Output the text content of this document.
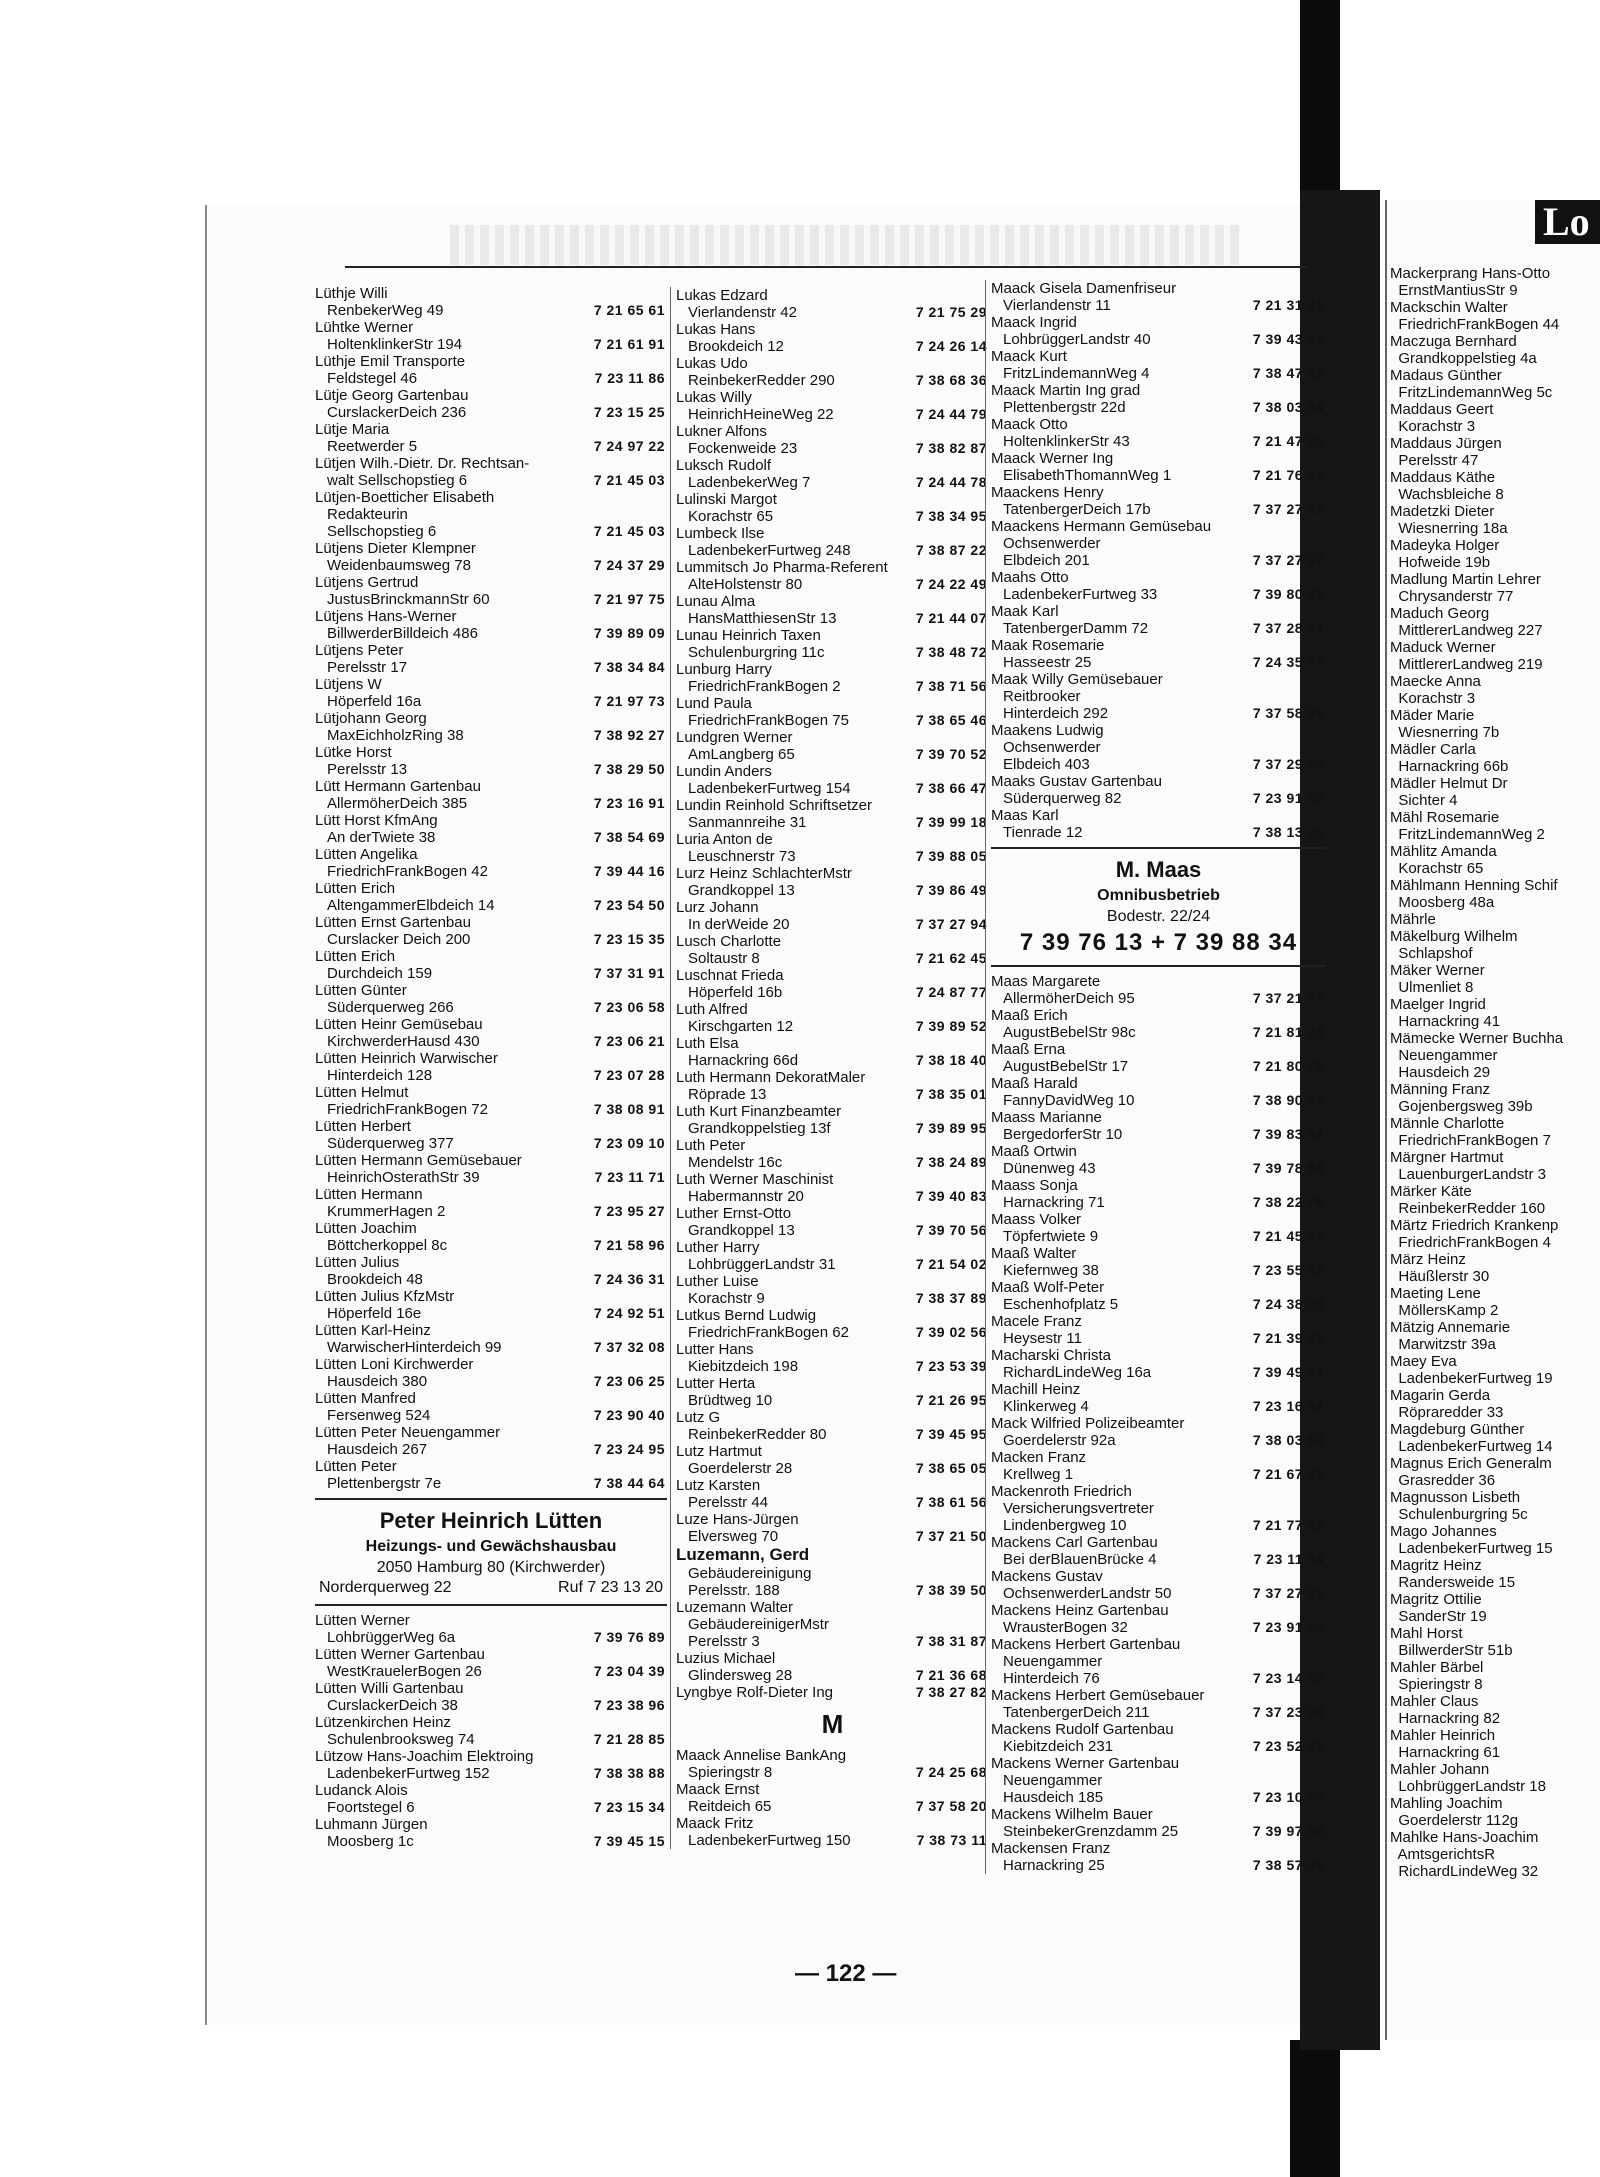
Lo
Lüthje Willi
RenbekerWeg 49	7 21 65 61
Lühtke Werner
HoltenklinkerStr 194	7 21 61 91
Lüthje Emil Transporte
Feldstegel 46	7 23 11 86
Lütje Georg Gartenbau
CurslackerDeich 236	7 23 15 25
Lütje Maria
Reetwerder 5	7 24 97 22
Lütjen Wilh.-Dietr. Dr. Rechtsan-
walt Sellschopstieg 6	7 21 45 03
Lütjen-Boetticher Elisabeth
Redakteurin
Sellschopstieg 6	7 21 45 03
Lütjens Dieter Klempner
Weidenbaumsweg 78	7 24 37 29
Lütjens Gertrud
JustusBrinckmannStr 60	7 21 97 75
Lütjens Hans-Werner
BillwerderBilldeich 486	7 39 89 09
Lütjens Peter
Perelsstr 17	7 38 34 84
Lütjens W
Höperfeld 16a	7 21 97 73
Lütjohann Georg
MaxEichholzRing 38	7 38 92 27
Lütke Horst
Perelsstr 13	7 38 29 50
Lütt Hermann Gartenbau
AllermöherDeich 385	7 23 16 91
Lütt Horst KfmAng
An derTwiete 38	7 38 54 69
Lütten Angelika
FriedrichFrankBogen 42	7 39 44 16
Lütten Erich
AltengammerElbdeich 14	7 23 54 50
Lütten Ernst Gartenbau
Curslacker Deich 200	7 23 15 35
Lütten Erich
Durchdeich 159	7 37 31 91
Lütten Günter
Süderquerweg 266	7 23 06 58
Lütten Heinr Gemüsebau
KirchwerderHausd 430	7 23 06 21
Lütten Heinrich Warwischer
Hinterdeich 128	7 23 07 28
Lütten Helmut
FriedrichFrankBogen 72	7 38 08 91
Lütten Herbert
Süderquerweg 377	7 23 09 10
Lütten Hermann Gemüsebauer
HeinrichOsterathStr 39	7 23 11 71
Lütten Hermann
KrummerHagen 2	7 23 95 27
Lütten Joachim
Böttcherkoppel 8c	7 21 58 96
Lütten Julius
Brookdeich 48	7 24 36 31
Lütten Julius KfzMstr
Höperfeld 16e	7 24 92 51
Lütten Karl-Heinz
WarwischerHinterdeich 99	7 37 32 08
Lütten Loni Kirchwerder
Hausdeich 380	7 23 06 25
Lütten Manfred
Fersenweg 524	7 23 90 40
Lütten Peter Neuengammer
Hausdeich 267	7 23 24 95
Lütten Peter
Plettenbergstr 7e	7 38 44 64
Peter Heinrich Lütten
Heizungs- und Gewächshausbau
2050 Hamburg 80 (Kirchwerder)
Norderquerweg 22	Ruf 7 23 13 20
Lütten Werner
LohbrüggerWeg 6a	7 39 76 89
Lütten Werner Gartenbau
WestKrauelerBogen 26	7 23 04 39
Lütten Willi Gartenbau
CurslackerDeich 38	7 23 38 96
Lützenkirchen Heinz
Schulenbrooksweg 74	7 21 28 85
Lützow Hans-Joachim Elektroing
LadenbekerFurtweg 152	7 38 38 88
Ludanck Alois
Foortstegel 6	7 23 15 34
Luhmann Jürgen
Moosberg 1c	7 39 45 15
Lukas Edzard
Vierlandenstr 42	7 21 75 29
Lukas Hans
Brookdeich 12	7 24 26 14
Lukas Udo
ReinbekerRedder 290	7 38 68 36
Lukas Willy
HeinrichHeineWeg 22	7 24 44 79
Lukner Alfons
Fockenweide 23	7 38 82 87
Luksch Rudolf
LadenbekerWeg 7	7 24 44 78
Lulinski Margot
Korachstr 65	7 38 34 95
Lumbeck Ilse
LadenbekerFurtweg 248	7 38 87 22
Lummitsch Jo Pharma-Referent
AlteHolstenstr 80	7 24 22 49
Lunau Alma
HansMatthiesenStr 13	7 21 44 07
Lunau Heinrich Taxen
Schulenburgring 11c	7 38 48 72
Lunburg Harry
FriedrichFrankBogen 2	7 38 71 56
Lund Paula
FriedrichFrankBogen 75	7 38 65 46
Lundgren Werner
AmLangberg 65	7 39 70 52
Lundin Anders
LadenbekerFurtweg 154	7 38 66 47
Lundin Reinhold Schriftsetzer
Sanmannreihe 31	7 39 99 18
Luria Anton de
Leuschnerstr 73	7 39 88 05
Lurz Heinz SchlachterMstr
Grandkoppel 13	7 39 86 49
Lurz Johann
In derWeide 20	7 37 27 94
Lusch Charlotte
Soltaustr 8	7 21 62 45
Luschnat Frieda
Höperfeld 16b	7 24 87 77
Luth Alfred
Kirschgarten 12	7 39 89 52
Luth Elsa
Harnackring 66d	7 38 18 40
Luth Hermann DekoratMaler
Röprade 13	7 38 35 01
Luth Kurt Finanzbeamter
Grandkoppelstieg 13f	7 39 89 95
Luth Peter
Mendelstr 16c	7 38 24 89
Luth Werner Maschinist
Habermannstr 20	7 39 40 83
Luther Ernst-Otto
Grandkoppel 13	7 39 70 56
Luther Harry
LohbrüggerLandstr 31	7 21 54 02
Luther Luise
Korachstr 9	7 38 37 89
Lutkus Bernd Ludwig
FriedrichFrankBogen 62	7 39 02 56
Lutter Hans
Kiebitzdeich 198	7 23 53 39
Lutter Herta
Brüdtweg 10	7 21 26 95
Lutz G
ReinbekerRedder 80	7 39 45 95
Lutz Hartmut
Goerdelerstr 28	7 38 65 05
Lutz Karsten
Perelsstr 44	7 38 61 56
Luze Hans-Jürgen
Elversweg 70	7 37 21 50
Luzemann, Gerd
Gebäudereinigung
Perelsstr. 188	7 38 39 50
Luzemann Walter
GebäudereinigerMstr
Perelsstr 3	7 38 31 87
Luzius Michael
Glindersweg 28	7 21 36 68
Lyngbye Rolf-Dieter Ing	7 38 27 82
M
Maack Annelise BankAng
Spieringstr 8	7 24 25 68
Maack Ernst
Reitdeich 65	7 37 58 20
Maack Fritz
LadenbekerFurtweg 150	7 38 73 11
Maack Gisela Damenfriseur
Vierlandenstr 11	7 21 31 31
Maack Ingrid
LohbrüggerLandstr 40	7 39 43 85
Maack Kurt
FritzLindemannWeg 4	7 38 47 63
Maack Martin Ing grad
Plettenbergstr 22d	7 38 03 04
Maack Otto
HoltenklinkerStr 43	7 21 47 19
Maack Werner Ing
ElisabethThomannWeg 1	7 21 76 39
Maackens Henry
TatenbergerDeich 17b	7 37 27 03
Maackens Hermann Gemüsebau
Ochsenwerder
Elbdeich 201	7 37 27 97
Maahs Otto
LadenbekerFurtweg 33	7 39 80 93
Maak Karl
TatenbergerDamm 72	7 37 28 74
Maak Rosemarie
Hasseestr 25	7 24 35 77
Maak Willy Gemüsebauer
Reitbrooker
Hinterdeich 292	7 37 58 89
Maakens Ludwig
Ochsenwerder
Elbdeich 403	7 37 29 90
Maaks Gustav Gartenbau
Süderquerweg 82	7 23 91 69
Maas Karl
Tienrade 12	7 38 13 70
M. Maas
Omnibusbetrieb
Bodestr. 22/24
7 39 76 13 + 7 39 88 34
Maas Margarete
AllermöherDeich 95	7 37 21 73
Maaß Erich
AugustBebelStr 98c	7 21 81 74
Maaß Erna
AugustBebelStr 17	7 21 80 75
Maaß Harald
FannyDavidWeg 10	7 38 90 35
Maass Marianne
BergedorferStr 10	7 39 83 44
Maaß Ortwin
Dünenweg 43	7 39 78 64
Maass Sonja
Harnackring 71	7 38 22 76
Maass Volker
Töpfertwiete 9	7 21 45 42
Maaß Walter
Kiefernweg 38	7 23 55 62
Maaß Wolf-Peter
Eschenhofplatz 5	7 24 38 03
Macele Franz
Heysestr 11	7 21 39 63
Macharski Christa
RichardLindeWeg 16a	7 39 49 51
Machill Heinz
Klinkerweg 4	7 23 16 04
Mack Wilfried Polizeibeamter
Goerdelerstr 92a	7 38 03 63
Macken Franz
Krellweg 1	7 21 67 42
Mackenroth Friedrich
Versicherungsvertreter
Lindenbergweg 10	7 21 77 35
Mackens Carl Gartenbau
Bei derBlauenBrücke 4	7 23 11 94
Mackens Gustav
OchsenwerderLandstr 50	7 37 27 51
Mackens Heinz Gartenbau
WrausterBogen 32	7 23 91 26
Mackens Herbert Gartenbau
Neuengammer
Hinterdeich 76	7 23 14 60
Mackens Herbert Gemüsebauer
TatenbergerDeich 211	7 37 23 93
Mackens Rudolf Gartenbau
Kiebitzdeich 231	7 23 52 52
Mackens Werner Gartenbau
Neuengammer
Hausdeich 185	7 23 10 79
Mackens Wilhelm Bauer
SteinbekerGrenzdamm 25	7 39 97 08
Mackensen Franz
Harnackring 25	7 38 57 46
Mackerprang Hans-Otto
ErnstMantiusStr 9
Mackschin Walter
FriedrichFrankBogen 44
Maczuga Bernhard
Grandkoppelstieg 4a
Madaus Günther
FritzLindemannWeg 5c
Maddaus Geert
Korachstr 3
Maddaus Jürgen
Perelsstr 47
Maddaus Käthe
Wachsbleiche 8
Madetzki Dieter
Wiesnerring 18a
Madeyka Holger
Hofweide 19b
Madlung Martin Lehrer
Chrysanderstr 77
Maduch Georg
MittlererLandweg 227
Maduck Werner
MittlererLandweg 219
Maecke Anna
Korachstr 3
Mäder Marie
Wiesnerring 7b
Mädler Carla
Harnackring 66b
Mädler Helmut Dr
Sichter 4
Mähl Rosemarie
FritzLindemannWeg 2
Mählitz Amanda
Korachstr 65
Mählmann Henning Schif
Moosberg 48a
Mährle
Mäkelburg Wilhelm
Schlapshof
Mäker Werner
Ulmenliet 8
Maelger Ingrid
Harnackring 41
Mämecke Werner Buchha
Neuengammer
Hausdeich 29
Männing Franz
Gojenbergsweg 39b
Männle Charlotte
FriedrichFrankBogen 7
Märgner Hartmut
LauenburgerLandstr 3
Märker Käte
ReinbekerRedder 160
Märtz Friedrich Krankenp
FriedrichFrankBogen 4
März Heinz
Häußlerstr 30
Maeting Lene
MöllersKamp 2
Mätzig Annemarie
Marwitzstr 39a
Maey Eva
LadenbekerFurtweg 19
Magarin Gerda
Röpraredder 33
Magdeburg Günther
LadenbekerFurtweg 14
Magnus Erich Generalm
Grasredder 36
Magnusson Lisbeth
Schulenburgring 5c
Mago Johannes
LadenbekerFurtweg 15
Magritz Heinz
Randersweide 15
Magritz Ottilie
SanderStr 19
Mahl Horst
BillwerderStr 51b
Mahler Bärbel
Spieringstr 8
Mahler Claus
Harnackring 82
Mahler Heinrich
Harnackring 61
Mahler Johann
LohbrüggerLandstr 18
Mahling Joachim
Goerdelerstr 112g
Mahlke Hans-Joachim
AmtsgerichtsR
RichardLindeWeg 32
— 122 —
